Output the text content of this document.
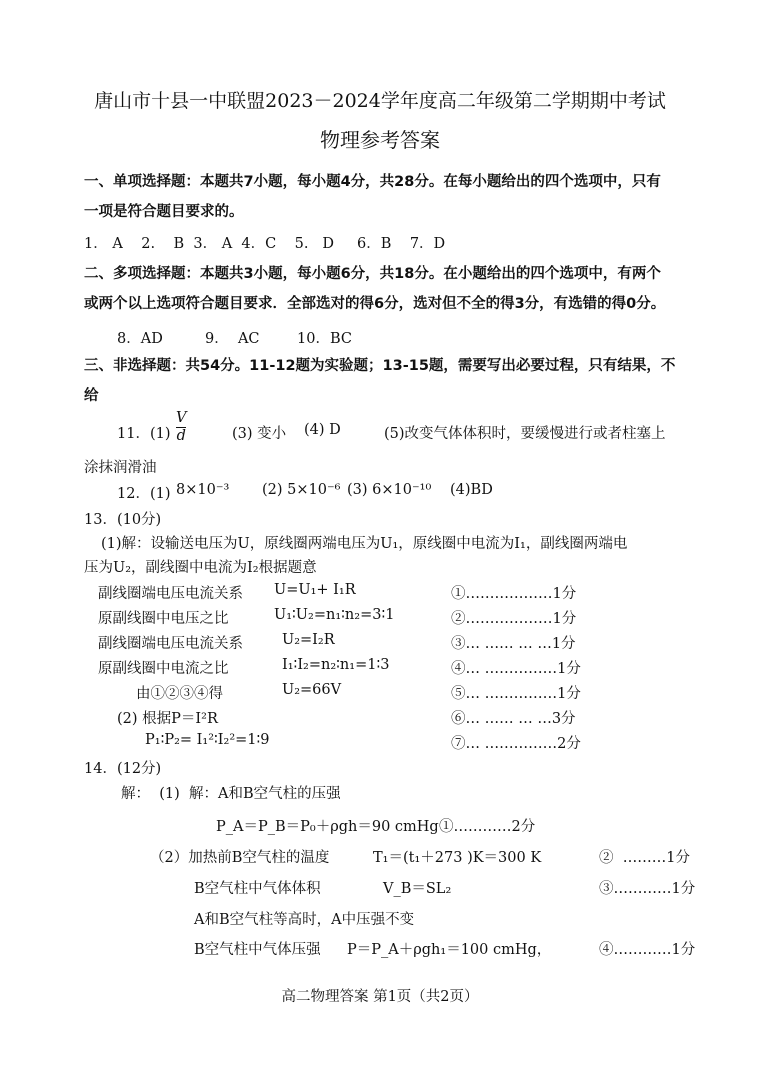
唐山市十县一中联盟2023－2024学年度高二年级第二学期期中考试
物理参考答案
一、单项选择题：本题共7小题，每小题4分，共28分。在每小题给出的四个选项中，只有
一项是符合题目要求的。
1． A    2.    B  3． A  4．C    5.   D     6．B    7．D
二、多项选择题：本题共3小题，每小题6分，共18分。在小题给出的四个选项中，有两个
或两个以上选项符合题目要求．全部选对的得6分，选对但不全的得3分，有选错的得0分。
8．AD	9．  AC	10．BC
三、非选择题：共54分。11-12题为实验题；13-15题，需要写出必要过程，只有结果，不
给
11．$(1) \frac{V}{d}$	(3) 变小 (4) D	(5)改变气体体积时，要缓慢进行或者柱塞上
涂抹润滑油
12．(1) 8×10⁻³ (2) 5×10⁻⁶ (3) 6×10⁻¹⁰ (4)BD
13．(10分)
(1)解：设输送电压为U，原线圈两端电压为U₁，原线圈中电流为I₁，副线圈两端电
压为U₂，副线圈中电流为I₂根据题意
副线圈端电压电流关系 U=U₁+ I₁R	①………………1分
原副线圈中电压之比	U₁∶U₂=n₁∶n₂=3∶1	②………………1分
副线圈端电压电流关系	U₂=I₂R	③… …… … …1分
原副线圈中电流之比	I₁∶I₂=n₂∶n₁=1∶3	④… ……………1分
由①②③④得	U₂=66V	⑤… ……………1分
(2) 根据P＝I²R	⑥… …… … …3分
P₁∶P₂= I₁²∶I₂²=1∶9	⑦… ……………2分
14．(12分)
解：  (1)  解：A和B空气柱的压强
P_A＝P_B＝P₀＋ρgh＝90 cmHg ①…………2分
（2）加热前B空气柱的温度	T₁＝(t₁＋273 )K＝300 K	②  ………1分
B空气柱中气体体积	V_B＝SL₂	③…………1分
A和B空气柱等高时，A中压强不变
B空气柱中气体压强 P＝P_A＋ρgh₁＝100 cmHg，	④…………1分
高二物理答案 第1页（共2页）
